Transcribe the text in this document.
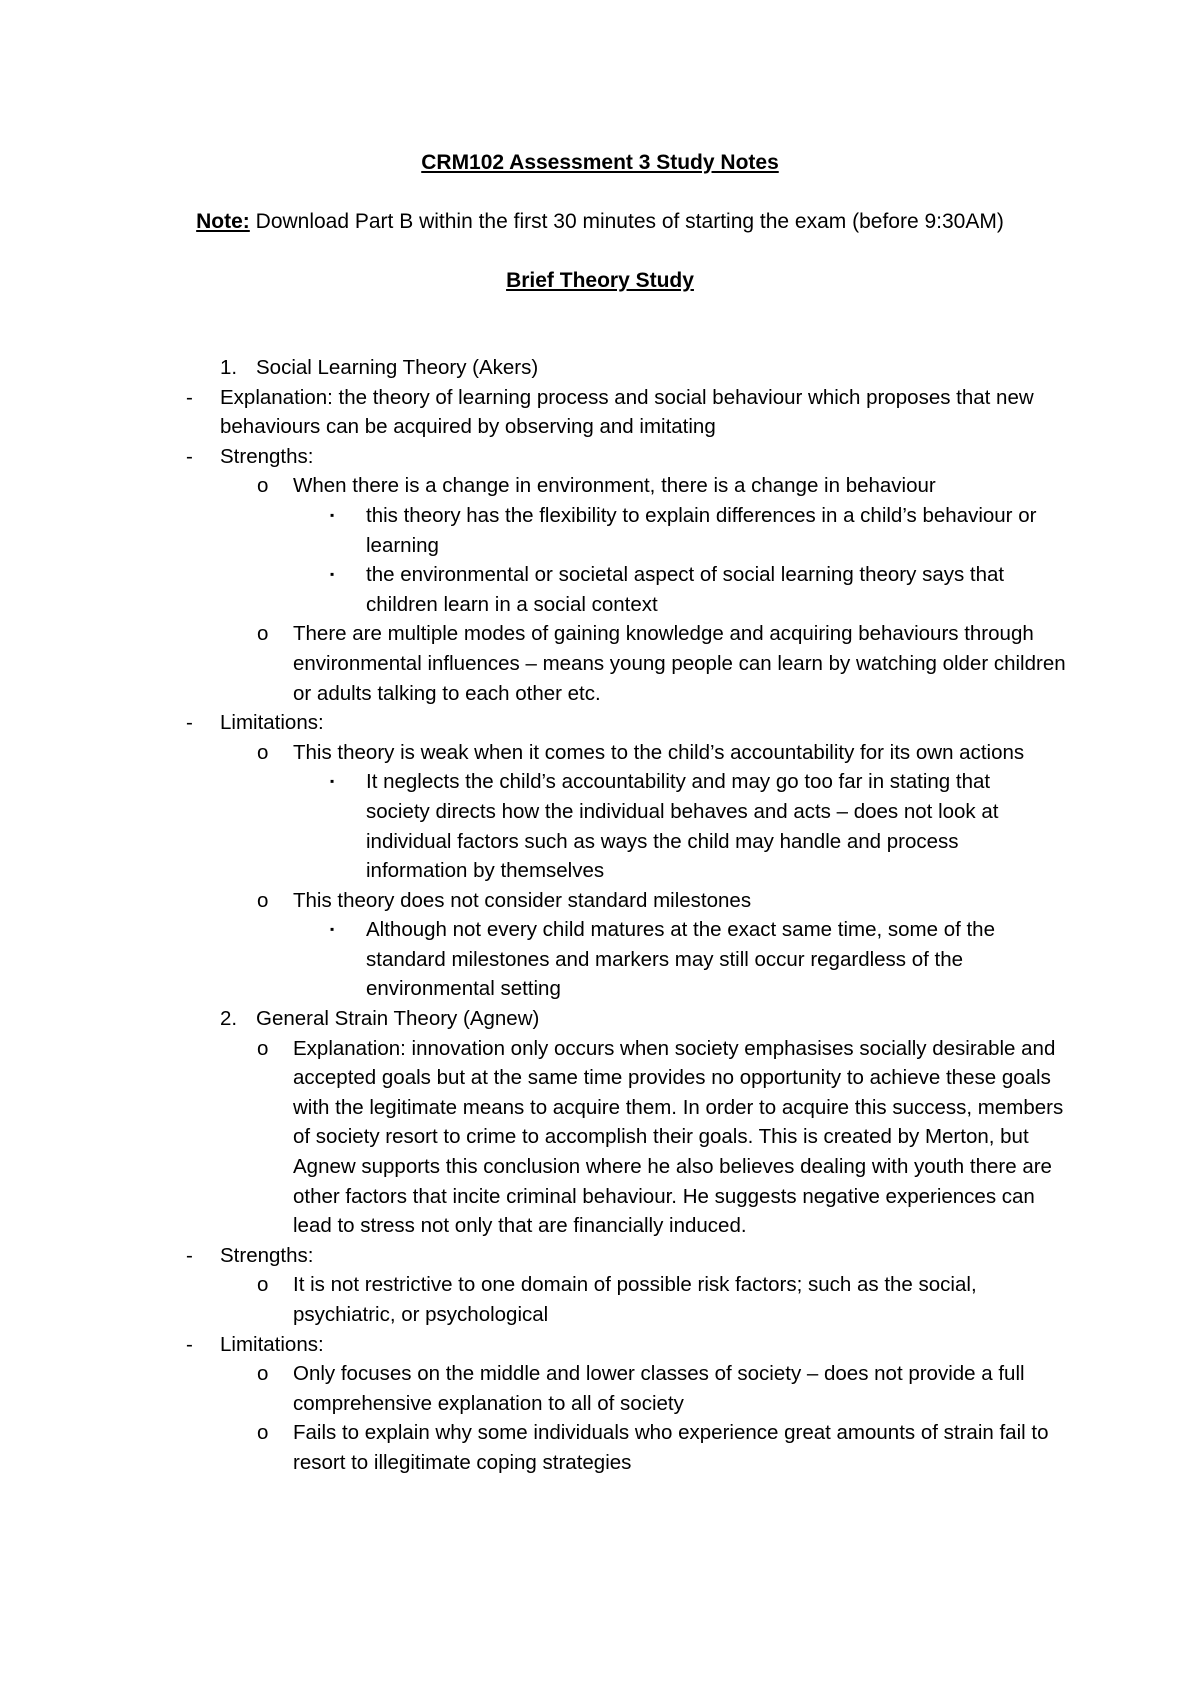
CRM102 Assessment 3 Study Notes
Note: Download Part B within the first 30 minutes of starting the exam (before 9:30AM)
Brief Theory Study
1. Social Learning Theory (Akers)
-	Explanation: the theory of learning process and social behaviour which proposes that new behaviours can be acquired by observing and imitating
-	Strengths:
o	When there is a change in environment, there is a change in behaviour
▪	this theory has the flexibility to explain differences in a child’s behaviour or learning
▪	the environmental or societal aspect of social learning theory says that children learn in a social context
o	There are multiple modes of gaining knowledge and acquiring behaviours through environmental influences – means young people can learn by watching older children or adults talking to each other etc.
-	Limitations:
o	This theory is weak when it comes to the child’s accountability for its own actions
▪	It neglects the child’s accountability and may go too far in stating that society directs how the individual behaves and acts – does not look at individual factors such as ways the child may handle and process information by themselves
o	This theory does not consider standard milestones
▪	Although not every child matures at the exact same time, some of the standard milestones and markers may still occur regardless of the environmental setting
2. General Strain Theory (Agnew)
o	Explanation: innovation only occurs when society emphasises socially desirable and accepted goals but at the same time provides no opportunity to achieve these goals with the legitimate means to acquire them. In order to acquire this success, members of society resort to crime to accomplish their goals. This is created by Merton, but Agnew supports this conclusion where he also believes dealing with youth there are other factors that incite criminal behaviour. He suggests negative experiences can lead to stress not only that are financially induced.
-	Strengths:
o	It is not restrictive to one domain of possible risk factors; such as the social, psychiatric, or psychological
-	Limitations:
o	Only focuses on the middle and lower classes of society – does not provide a full comprehensive explanation to all of society
o	Fails to explain why some individuals who experience great amounts of strain fail to resort to illegitimate coping strategies
